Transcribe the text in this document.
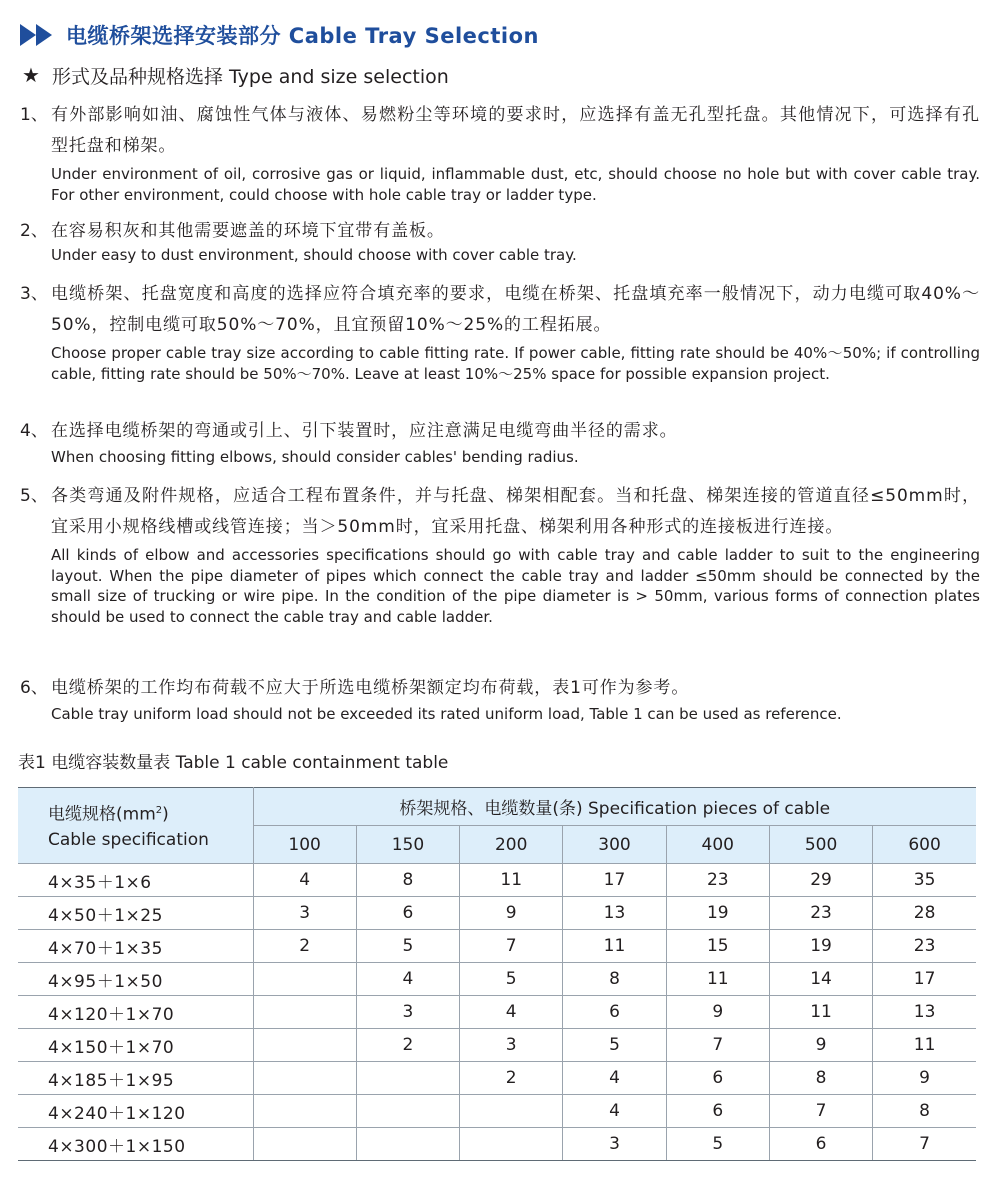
电缆桥架选择安装部分 Cable Tray Selection
★ 形式及品种规格选择 Type and size selection
1、 有外部影响如油、腐蚀性气体与液体、易燃粉尘等环境的要求时，应选择有盖无孔型托盘。其他情况下，可选择有孔型托盘和梯架。
Under environment of oil, corrosive gas or liquid, inflammable dust, etc, should choose no hole but with cover cable tray. For other environment, could choose with hole cable tray or ladder type.
2、 在容易积灰和其他需要遮盖的环境下宜带有盖板。
Under easy to dust environment, should choose with cover cable tray.
3、 电缆桥架、托盘宽度和高度的选择应符合填充率的要求，电缆在桥架、托盘填充率一般情况下，动力电缆可取40%～50%，控制电缆可取50%～70%，且宜预留10%～25%的工程拓展。
Choose proper cable tray size according to cable fitting rate. If power cable, fitting rate should be 40%～50%; if controlling cable, fitting rate should be 50%～70%. Leave at least 10%～25% space for possible expansion project.
4、 在选择电缆桥架的弯通或引上、引下装置时，应注意满足电缆弯曲半径的需求。
When choosing fitting elbows, should consider cables' bending radius.
5、 各类弯通及附件规格，应适合工程布置条件，并与托盘、梯架相配套。当和托盘、梯架连接的管道直径≤50mm时，宜采用小规格线槽或线管连接；当＞50mm时，宜采用托盘、梯架利用各种形式的连接板进行连接。
All kinds of elbow and accessories specifications should go with cable tray and cable ladder to suit to the engineering layout. When the pipe diameter of pipes which connect the cable tray and ladder ≤50mm should be connected by the small size of trucking or wire pipe. In the condition of the pipe diameter is > 50mm, various forms of connection plates should be used to connect the cable tray and cable ladder.
6、 电缆桥架的工作均布荷载不应大于所选电缆桥架额定均布荷载，表1可作为参考。
Cable tray uniform load should not be exceeded its rated uniform load, Table 1 can be used as reference.
表1 电缆容装数量表 Table 1 cable containment table
电缆规格$(mm^2)$
Cable specification	桥架规格、电缆数量(条) Specification pieces of cable						
	100	150	200	300	400	500	600
4×35＋1×6	4	8	11	17	23	29	35
4×50＋1×25	3	6	9	13	19	23	28
4×70＋1×35	2	5	7	11	15	19	23
4×95＋1×50		4	5	8	11	14	17
4×120＋1×70		3	4	6	9	11	13
4×150＋1×70		2	3	5	7	9	11
4×185＋1×95			2	4	6	8	9
4×240＋1×120				4	6	7	8
4×300＋1×150				3	5	6	7
